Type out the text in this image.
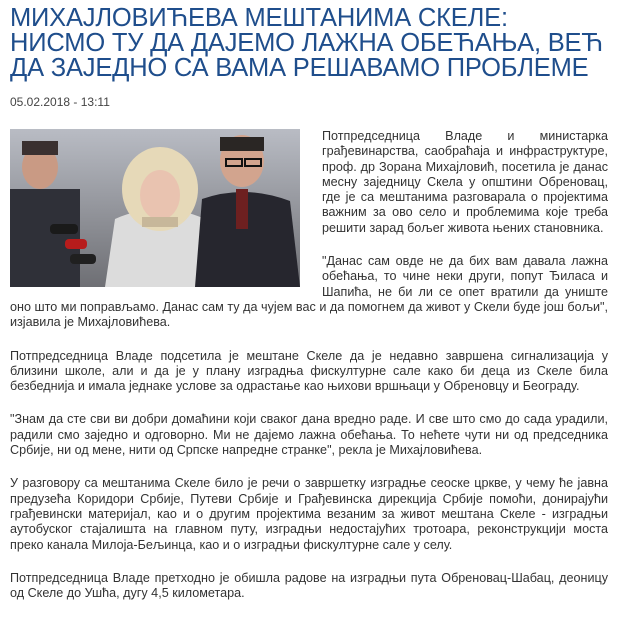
МИХАЈЛОВИЋЕВА МЕШТАНИМА СКЕЛЕ: НИСМО ТУ ДА ДАЈЕМО ЛАЖНА ОБЕЋАЊА, ВЕЋ ДА ЗАЈЕДНО СА ВАМА РЕШАВАМО ПРОБЛЕМЕ
05.02.2018 - 13:11

Потпредседница Владе и министарка грађевинарства, саобраћаја и инфраструктуре, проф. др Зорана Михајловић, посетила је данас месну заједницу Скела у општини Обреновац, где је са мештанима разговарала о пројектима важним за ово село и проблемима које треба решити зарад бољег живота њених становника.

"Данас сам овде не да бих вам давала лажна обећања, то чине неки други, попут Ђиласа и Шапића, не би ли се опет вратили да униште оно што ми поправљамо. Данас сам ту да чујем вас и да помогнем да живот у Скели буде још бољи", изјавила је Михајловићева.

Потпредседница Владе подсетила је мештане Скеле да је недавно завршена сигнализација у близини школе, али и да је у плану изградња фискултурне сале како би деца из Скеле била безбеднија и имала једнаке услове за одрастање као њихови вршњаци у Обреновцу и Београду.

"Знам да сте сви ви добри домаћини који сваког дана вредно раде. И све што смо до сада урадили, радили смо заједно и одговорно. Ми не дајемо лажна обећања. То нећете чути ни од председника Србије, ни од мене, нити од Српске напредне странке", рекла је Михајловићева.

У разговору са мештанима Скеле било је речи о завршетку изградње сеоске цркве, у чему ће јавна предузећа Коридори Србије, Путеви Србије и Грађевинска дирекција Србије помоћи, донирајући грађевински материјал, као и о другим пројектима везаним за живот мештана Скеле - изградњи аутобуског стајалишта на главном путу, изградњи недостајућих тротоара, реконструкцији моста преко канала Милоја-Бељинца, као и о изградњи фискултурне сале у селу.

Потпредседница Владе претходно је обишла радове на изградњи пута Обреновац-Шабац, деоницу од Скеле до Ушћа, дугу 4,5 километара.
